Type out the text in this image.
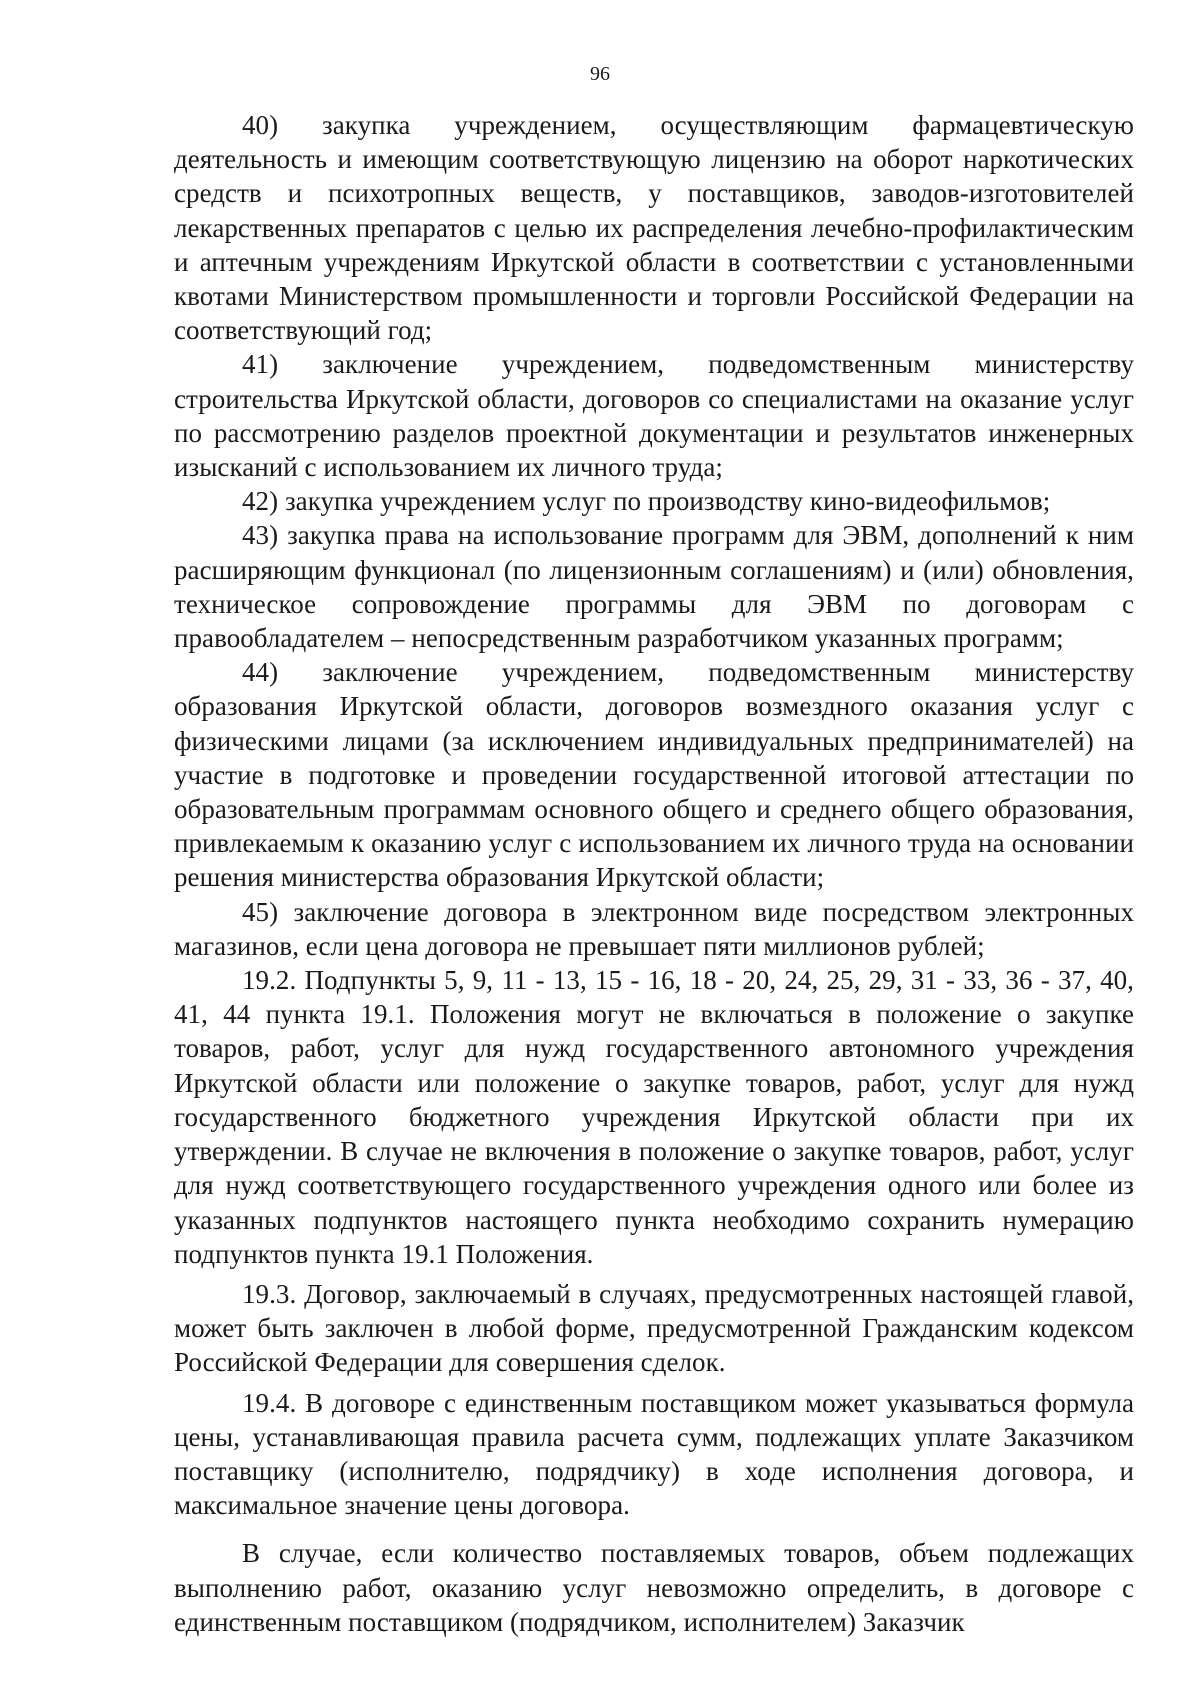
96

40) закупка учреждением, осуществляющим фармацевтическую деятельность и имеющим соответствующую лицензию на оборот наркотических средств и психотропных веществ, у поставщиков, заводов-изготовителей лекарственных препаратов с целью их распределения лечебно-профилактическим и аптечным учреждениям Иркутской области в соответствии с установленными квотами Министерством промышленности и торговли Российской Федерации на соответствующий год;

41) заключение учреждением, подведомственным министерству строительства Иркутской области, договоров со специалистами на оказание услуг по рассмотрению разделов проектной документации и результатов инженерных изысканий с использованием их личного труда;

42) закупка учреждением услуг по производству кино-видеофильмов;

43) закупка права на использование программ для ЭВМ, дополнений к ним расширяющим функционал (по лицензионным соглашениям) и (или) обновления, техническое сопровождение программы для ЭВМ по договорам с правообладателем – непосредственным разработчиком указанных программ;

44) заключение учреждением, подведомственным министерству образования Иркутской области, договоров возмездного оказания услуг с физическими лицами (за исключением индивидуальных предпринимателей) на участие в подготовке и проведении государственной итоговой аттестации по образовательным программам основного общего и среднего общего образования, привлекаемым к оказанию услуг с использованием их личного труда на основании решения министерства образования Иркутской области;

45) заключение договора в электронном виде посредством электронных магазинов, если цена договора не превышает пяти миллионов рублей;

19.2. Подпункты 5, 9, 11 - 13, 15 - 16, 18 - 20, 24, 25, 29, 31 - 33, 36 - 37, 40, 41, 44 пункта 19.1. Положения могут не включаться в положение о закупке товаров, работ, услуг для нужд государственного автономного учреждения Иркутской области или положение о закупке товаров, работ, услуг для нужд государственного бюджетного учреждения Иркутской области при их утверждении. В случае не включения в положение о закупке товаров, работ, услуг для нужд соответствующего государственного учреждения одного или более из указанных подпунктов настоящего пункта необходимо сохранить нумерацию подпунктов пункта 19.1 Положения.

19.3. Договор, заключаемый в случаях, предусмотренных настоящей главой, может быть заключен в любой форме, предусмотренной Гражданским кодексом Российской Федерации для совершения сделок.

19.4. В договоре с единственным поставщиком может указываться формула цены, устанавливающая правила расчета сумм, подлежащих уплате Заказчиком поставщику (исполнителю, подрядчику) в ходе исполнения договора, и максимальное значение цены договора.

В случае, если количество поставляемых товаров, объем подлежащих выполнению работ, оказанию услуг невозможно определить, в договоре с единственным поставщиком (подрядчиком, исполнителем) Заказчик
